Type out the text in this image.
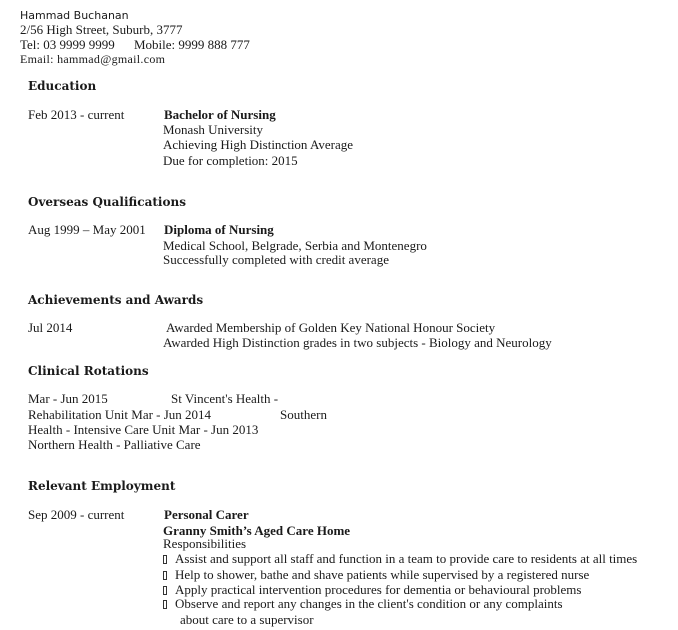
Hammad Buchanan
2/56 High Street, Suburb, 3777
Tel: 03 9999 9999 Mobile: 9999 888 777
Email: hammad@gmail.com
Education
Feb 2013 - current	Bachelor of Nursing
Monash University
Achieving High Distinction Average
Due for completion: 2015
Overseas Qualifications
Aug 1999 – May 2001 Diploma of Nursing
Medical School, Belgrade, Serbia and Montenegro
Successfully completed with credit average
Achievements and Awards
Jul 2014	Awarded Membership of Golden Key National Honour Society
Awarded High Distinction grades in two subjects - Biology and Neurology
Clinical Rotations
Mar - Jun 2015	St Vincent's Health -
Rehabilitation Unit Mar - Jun 2014	Southern
Health - Intensive Care Unit Mar - Jun 2013
Northern Health - Palliative Care
Relevant Employment
Sep 2009 - current	Personal Carer
Granny Smith’s Aged Care Home
Responsibilities
Assist and support all staff and function in a team to provide care to residents at all times
Help to shower, bathe and shave patients while supervised by a registered nurse
Apply practical intervention procedures for dementia or behavioural problems
Observe and report any changes in the client's condition or any complaints
about care to a supervisor
